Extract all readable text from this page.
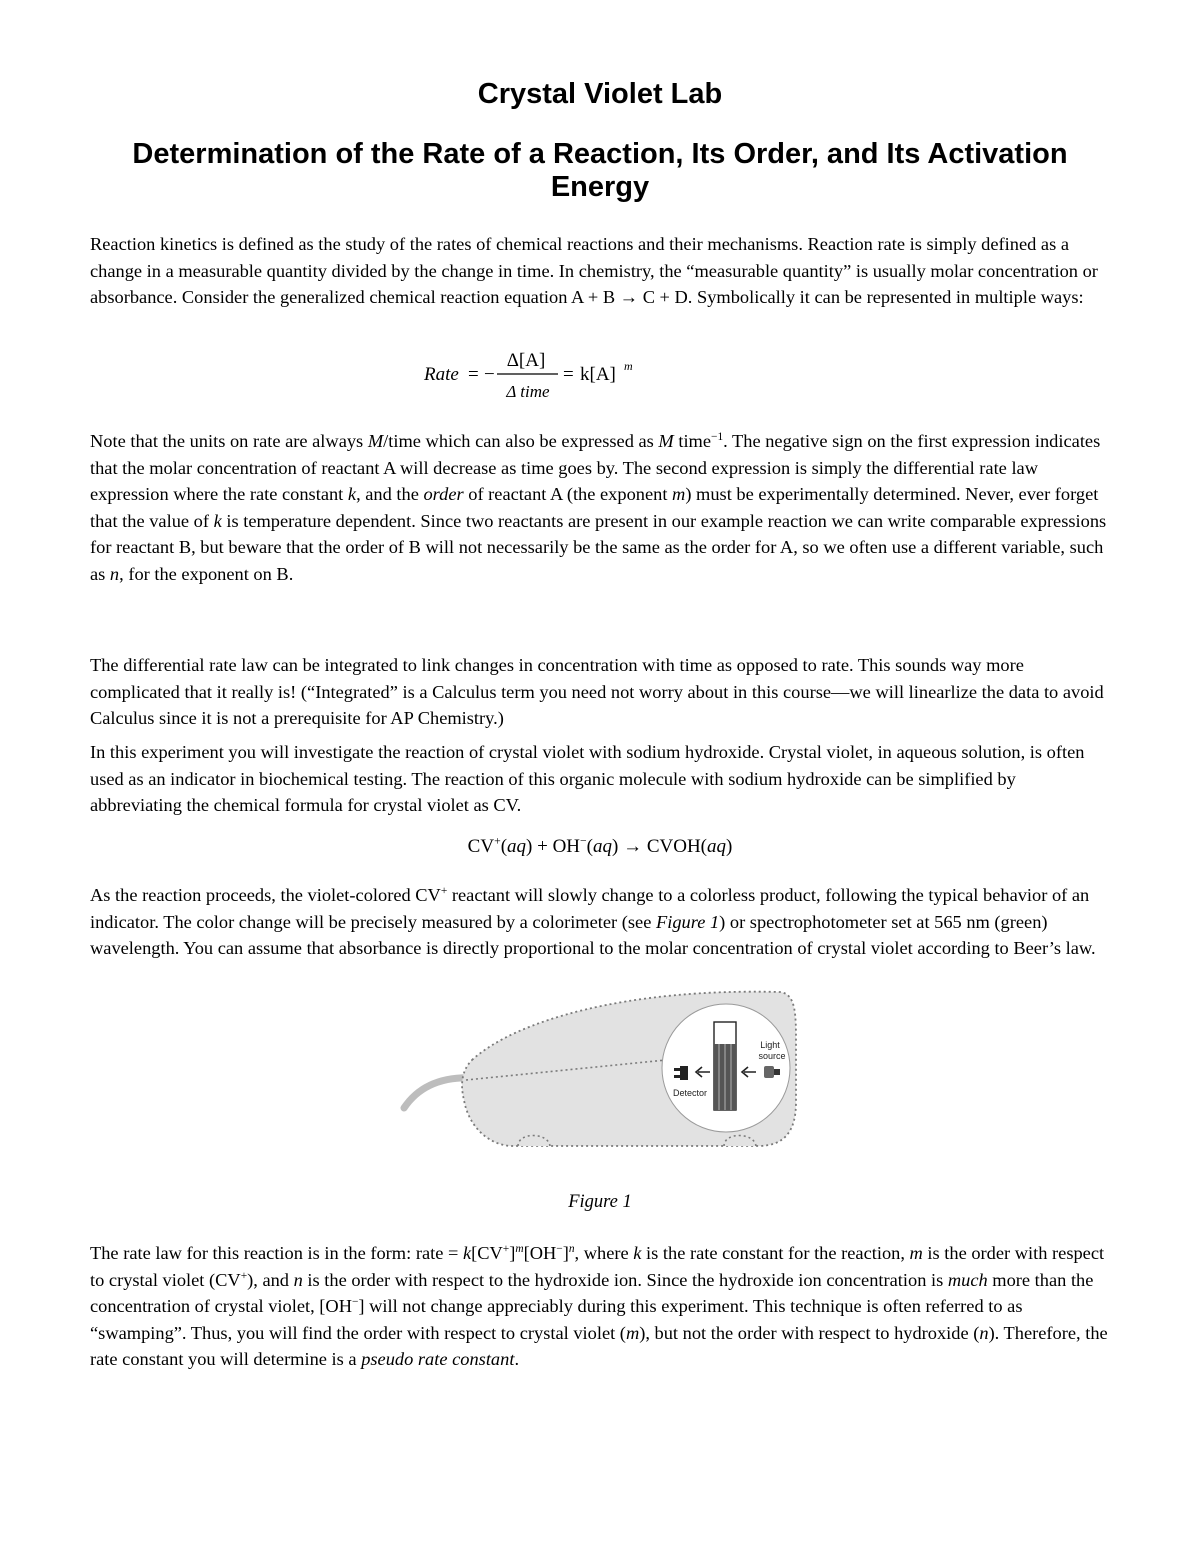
Crystal Violet Lab
Determination of the Rate of a Reaction, Its Order, and Its Activation Energy

Reaction kinetics is defined as the study of the rates of chemical reactions and their mechanisms. Reaction rate is simply defined as a change in a measurable quantity divided by the change in time. In chemistry, the “measurable quantity” is usually molar concentration or absorbance. Consider the generalized chemical reaction equation A + B → C + D. Symbolically it can be represented in multiple ways:

Rate = −
Δ[A]
Δ time
= k[A] m

Note that the units on rate are always M/time which can also be expressed as M time$^{-1}$. The negative sign on the first expression indicates that the molar concentration of reactant A will decrease as time goes by. The second expression is simply the differential rate law expression where the rate constant k, and the order of reactant A (the exponent m) must be experimentally determined. Never, ever forget that the value of k is temperature dependent. Since two reactants are present in our example reaction we can write comparable expressions for reactant B, but beware that the order of B will not necessarily be the same as the order for A, so we often use a different variable, such as n, for the exponent on B.

The differential rate law can be integrated to link changes in concentration with time as opposed to rate. This sounds way more complicated that it really is! (“Integrated” is a Calculus term you need not worry about in this course—we will linearlize the data to avoid Calculus since it is not a prerequisite for AP Chemistry.)

In this experiment you will investigate the reaction of crystal violet with sodium hydroxide. Crystal violet, in aqueous solution, is often used as an indicator in biochemical testing. The reaction of this organic molecule with sodium hydroxide can be simplified by abbreviating the chemical formula for crystal violet as CV.

CV+(aq) + OH−(aq) → CVOH(aq)

As the reaction proceeds, the violet-colored CV+ reactant will slowly change to a colorless product, following the typical behavior of an indicator. The color change will be precisely measured by a colorimeter (see Figure 1) or spectrophotometer set at 565 nm (green) wavelength. You can assume that absorbance is directly proportional to the molar concentration of crystal violet according to Beer’s law.

Light
source
Detector
Figure 1

The rate law for this reaction is in the form: rate = $k[CV^+]^m[OH^-]^n$, where k is the rate constant for the reaction, m is the order with respect to crystal violet (CV+), and n is the order with respect to the hydroxide ion. Since the hydroxide ion concentration is much more than the concentration of crystal violet, [OH−] will not change appreciably during this experiment. This technique is often referred to as “swamping”. Thus, you will find the order with respect to crystal violet (m), but not the order with respect to hydroxide (n). Therefore, the rate constant you will determine is a pseudo rate constant.
